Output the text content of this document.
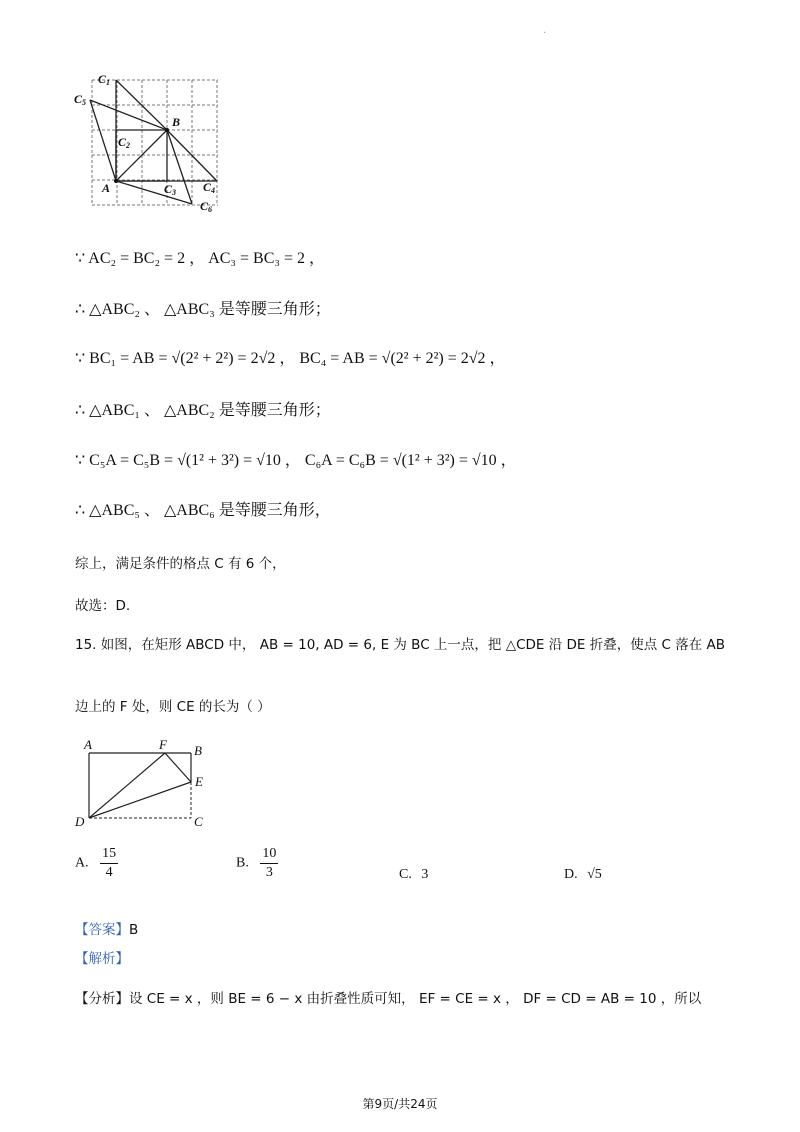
·
C1
C5
B
C2
A	C3 C4
C6
∵ AC₂ = BC₂ = 2 ， AC₃ = BC₃ = 2 ，
∴ △ABC₂ 、 △ABC₃ 是等腰三角形；
∵ BC₁ = AB = √(2² + 2²) = 2√2 ， BC₄ = AB = √(2² + 2²) = 2√2 ，
∴ △ABC₁ 、 △ABC₂ 是等腰三角形；
∵ C₅A = C₅B = √(1² + 3²) = √10 ， C₆A = C₆B = √(1² + 3²) = √10 ，
∴ △ABC₅ 、 △ABC₆ 是等腰三角形，
综上，满足条件的格点 C 有 6 个，
故选：D.
15. 如图，在矩形 ABCD 中， AB = 10, AD = 6, E 为 BC 上一点，把 △CDE 沿 DE 折叠，使点 C 落在 AB
边上的 F 处，则 CE 的长为（ ）
A	F B
E
D	C
A. $\frac{15}{4}$	B. $\frac{10}{3}$	C. 3	D. √5
【答案】B
【解析】
【分析】设 CE = x ，则 BE = 6 − x 由折叠性质可知， EF = CE = x ， DF = CD = AB = 10 ，所以
第9页/共24页
